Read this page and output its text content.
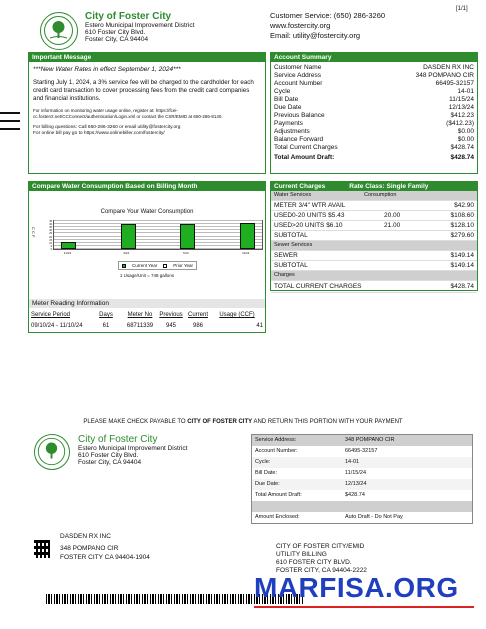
City of Foster City
Estero Municipal Improvement District
610 Foster City Blvd.
Foster City, CA 94404
Customer Service: (650) 286-3260
www.fostercity.org
Email: utility@fostercity.org
[1/1]
Important Message
***New Water Rates in effect September 1, 2024***
Starting July 1, 2024, a 3% service fee will be charged to the cardholder for each credit card transaction to cover processing fees from the credit card companies and financial institutions.
For information on monitoring water usage online, register at: https://fcei-cc.fosterct.net/CCConnect/authentication/Login.xml or contact the CSR/EMID at 650-286-8140.
For billing questions: Call 650-286-3260 or email utility@fostercity.org
For online bill pay go to https://www.onlinebiller.com/fostercity/
Account Summary
Customer Name	DASDEN RX INC
Service Address	348 POMPANO CIR
Account Number	66495-32157
Cycle	14-01
Bill Date	11/15/24
Due Date	12/13/24
Previous Balance	$412.23
Payments	($412.23)
Adjustments	$0.00
Balance Forward	$0.00
Total Current Charges	$428.74
Total Amount Draft:	$428.74
Compare Water Consumption Based on Billing Month
Compare Your Water Consumption
C C F
0
5
10
15
20
25
30
35
40
45
11/23	3/24	7/24	11/24
Current Year	Prior Year
1 Usage/Unit = 748 gallons
Meter Reading Information
Service Period	Days	Meter No	Previous Current	Usage (CCF)
09/10/24 - 11/10/24	61	68711339	945	986	41
Current Charges	Rate Class: Single Family
Water Services	Consumption
METER 3/4" WTR AVAIL	$42.90
USED0-20 UNITS $5.43	20.00	$108.60
USED>20 UNITS $6.10	21.00	$128.10
SUBTOTAL	$279.60
Sewer Services
SEWER	$149.14
SUBTOTAL	$149.14
Charges
TOTAL CURRENT CHARGES	$428.74
PLEASE MAKE CHECK PAYABLE TO CITY OF FOSTER CITY AND RETURN THIS PORTION WITH YOUR PAYMENT
City of Foster City
Estero Municipal Improvement District
610 Foster City Blvd.
Foster City, CA 94404
Service Address:	348 POMPANO CIR
Account Number:	66495-32157
Cycle:	14-01
Bill Date:	11/15/24
Due Date:	12/13/24
Total Amount Draft:	$428.74
Amount Enclosed:	Auto Draft - Do Not Pay
DASDEN RX INC
348 POMPANO CIR
FOSTER CITY CA 94404-1904
CITY OF FOSTER CITY/EMID
UTILITY BILLING
610 FOSTER CITY BLVD.
FOSTER CITY, CA 94404-2222
MARFISA.ORG
